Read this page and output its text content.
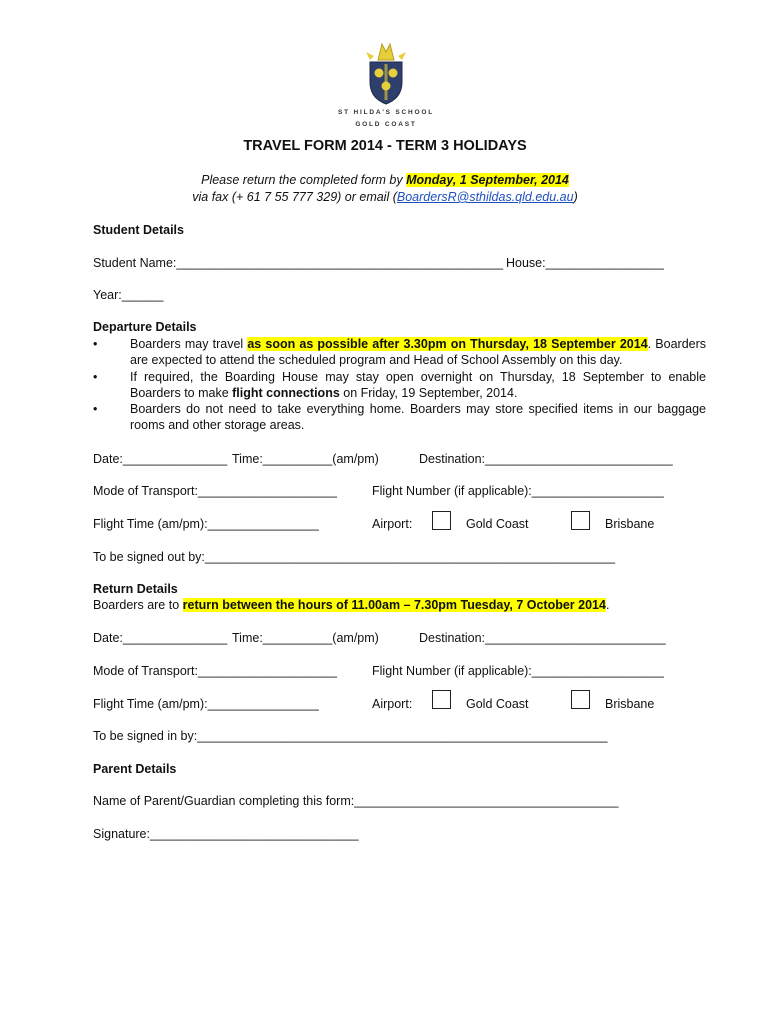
ST HILDA'S SCHOOL
GOLD COAST
TRAVEL FORM 2014 - TERM 3 HOLIDAYS
Please return the completed form by Monday, 1 September, 2014
via fax (+ 61 7 55 777 329) or email (BoardersR@sthildas.qld.edu.au)
Student Details
Student Name:_______________________________________________ House:_________________
Year:______
Departure Details
•	Boarders may travel as soon as possible after 3.30pm on Thursday, 18 September 2014. Boarders are expected to attend the scheduled program and Head of School Assembly on this day.
•	If required, the Boarding House may stay open overnight on Thursday, 18 September to enable Boarders to make flight connections on Friday, 19 September, 2014.
•	Boarders do not need to take everything home. Boarders may store specified items in our baggage rooms and other storage areas.
Date:_______________ Time:__________(am/pm)	Destination:___________________________
Mode of Transport:____________________	Flight Number (if applicable):___________________
Flight Time (am/pm):________________	Airport:	Gold Coast	Brisbane
To be signed out by:___________________________________________________________
Return Details
Boarders are to return between the hours of 11.00am – 7.30pm Tuesday, 7 October 2014.
Date:_______________ Time:__________(am/pm)	Destination:__________________________
Mode of Transport:____________________	Flight Number (if applicable):___________________
Flight Time (am/pm):________________	Airport:	Gold Coast	Brisbane
To be signed in by:___________________________________________________________
Parent Details
Name of Parent/Guardian completing this form:______________________________________
Signature:______________________________
